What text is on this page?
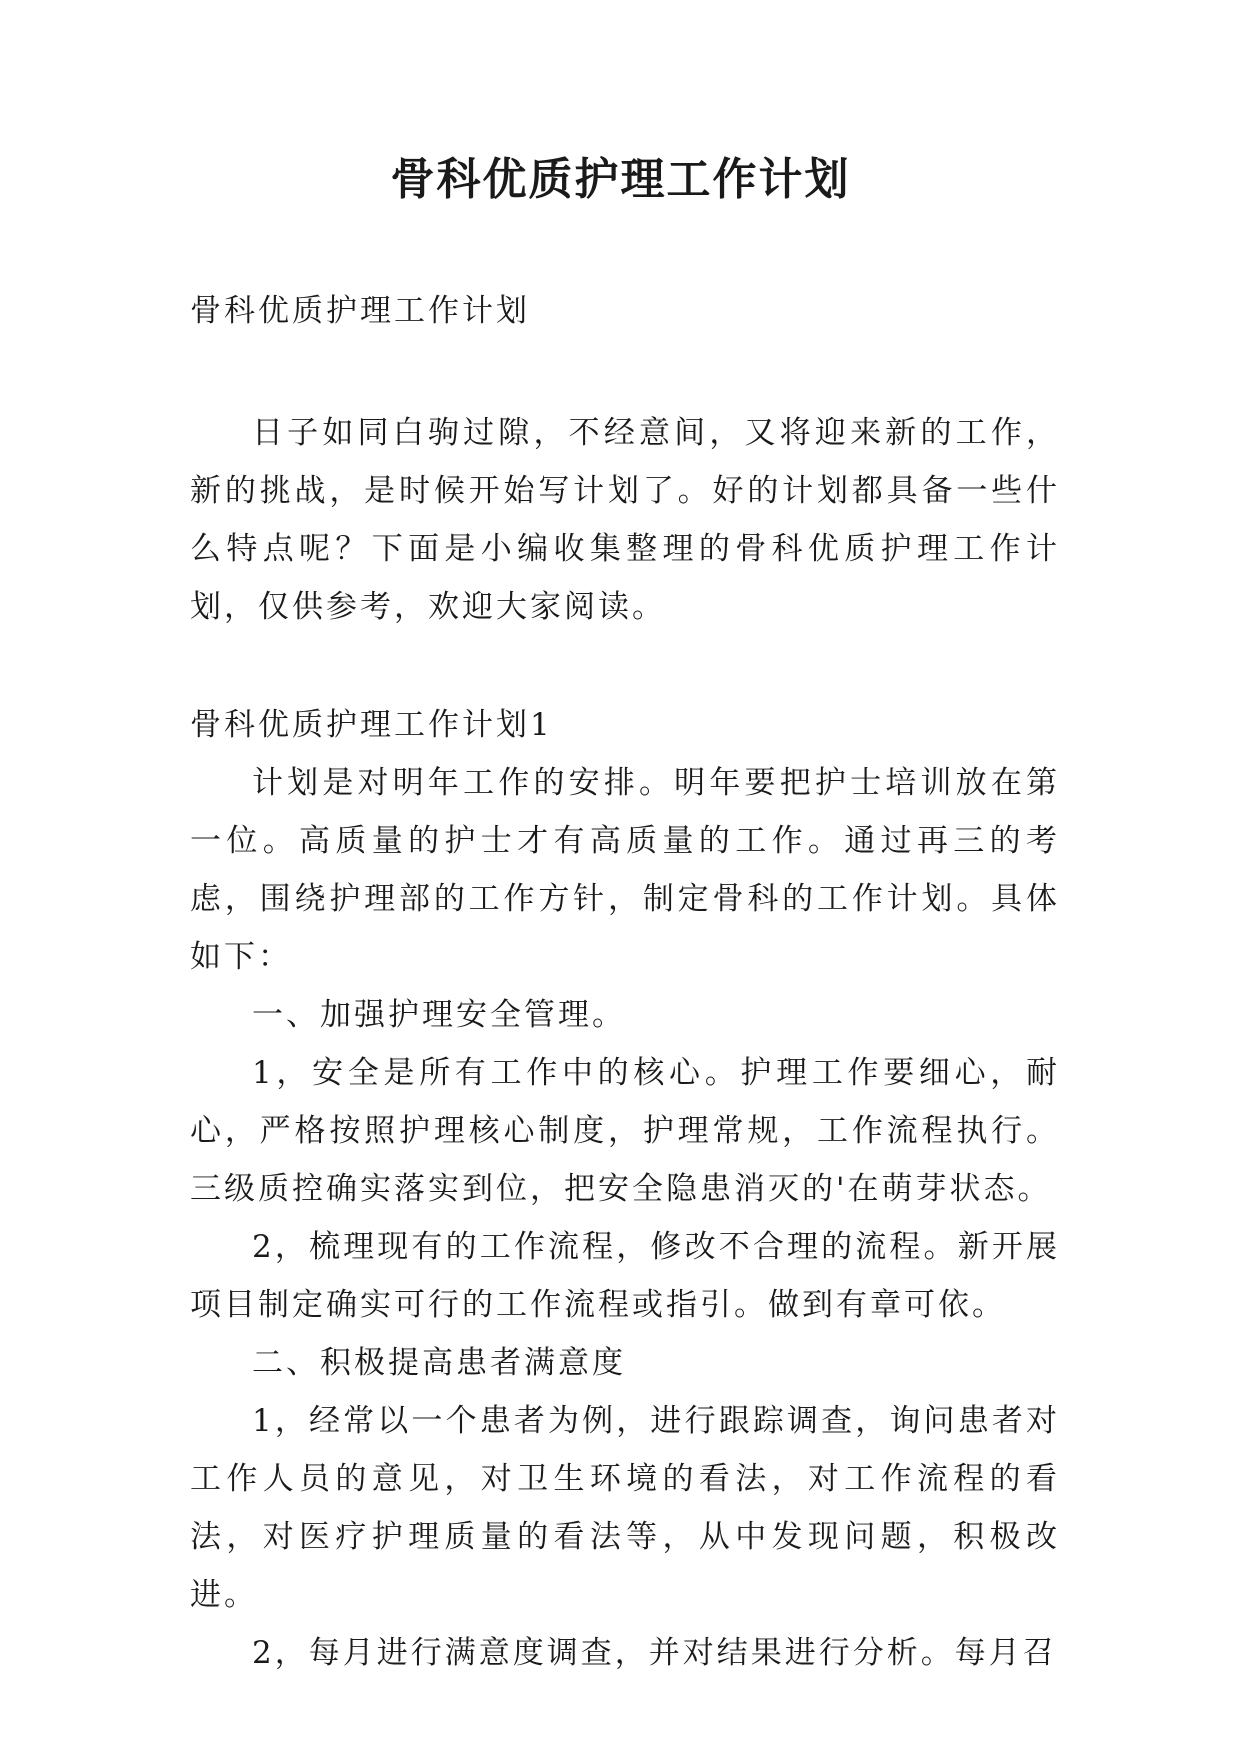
骨科优质护理工作计划
骨科优质护理工作计划

日子如同白驹过隙，不经意间，又将迎来新的工作，新的挑战，是时候开始写计划了。好的计划都具备一些什么特点呢？下面是小编收集整理的骨科优质护理工作计划，仅供参考，欢迎大家阅读。

骨科优质护理工作计划1

计划是对明年工作的安排。明年要把护士培训放在第一位。高质量的护士才有高质量的工作。通过再三的考虑，围绕护理部的工作方针，制定骨科的工作计划。具体如下：

一、加强护理安全管理。

1，安全是所有工作中的核心。护理工作要细心，耐心，严格按照护理核心制度，护理常规，工作流程执行。三级质控确实落实到位，把安全隐患消灭的'在萌芽状态。

2，梳理现有的工作流程，修改不合理的流程。新开展项目制定确实可行的工作流程或指引。做到有章可依。

二、积极提高患者满意度

1，经常以一个患者为例，进行跟踪调查，询问患者对工作人员的意见，对卫生环境的看法，对工作流程的看法，对医疗护理质量的看法等，从中发现问题，积极改进。

2，每月进行满意度调查，并对结果进行分析。每月召
